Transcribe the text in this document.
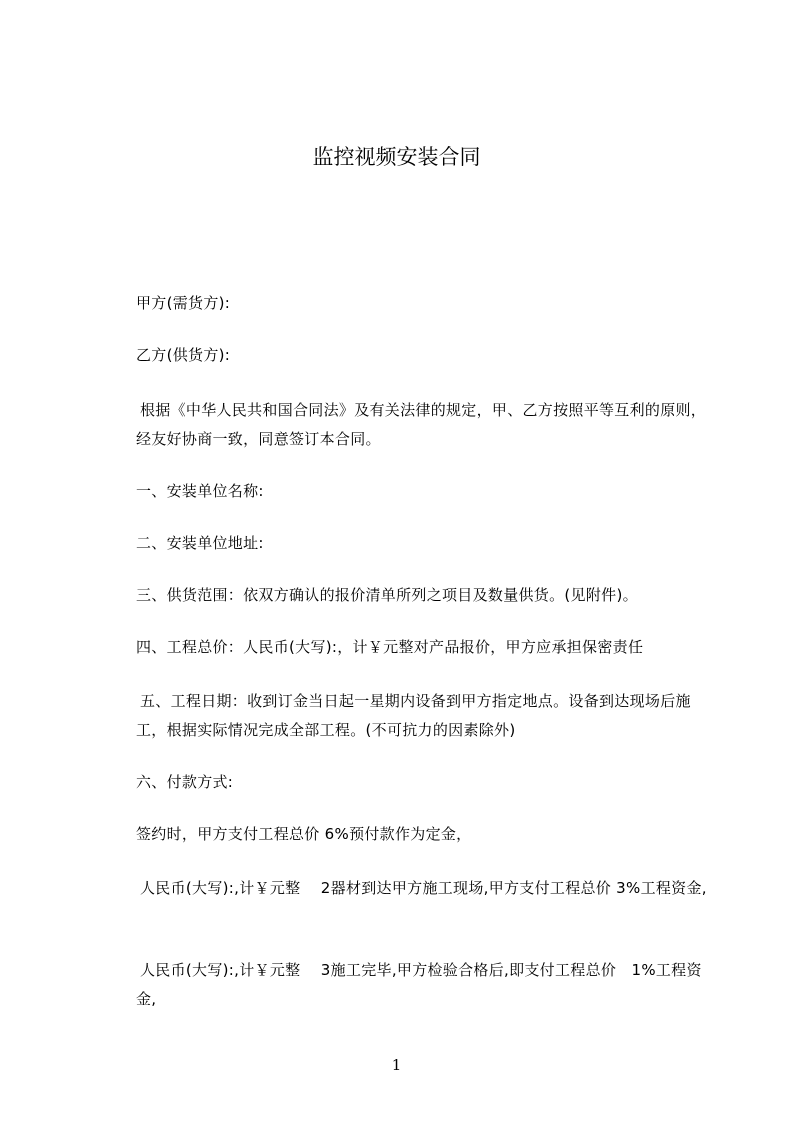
监控视频安装合同
甲方(需货方):
乙方(供货方):
根据《中华人民共和国合同法》及有关法律的规定，甲、乙方按照平等互利的原则，经友好协商一致，同意签订本合同。
一、安装单位名称:
二、安装单位地址:
三、供货范围：依双方确认的报价清单所列之项目及数量供货。(见附件)。
四、工程总价：人民币(大写):，计￥元整对产品报价，甲方应承担保密责任
五、工程日期：收到订金当日起一星期内设备到甲方指定地点。设备到达现场后施工，根据实际情况完成全部工程。(不可抗力的因素除外)
六、付款方式:
签约时，甲方支付工程总价 6%预付款作为定金，
人民币(大写):,计￥元整　 2器材到达甲方施工现场,甲方支付工程总价 3%工程资金,
人民币(大写):,计￥元整　 3施工完毕,甲方检验合格后,即支付工程总价　1%工程资金,
1
